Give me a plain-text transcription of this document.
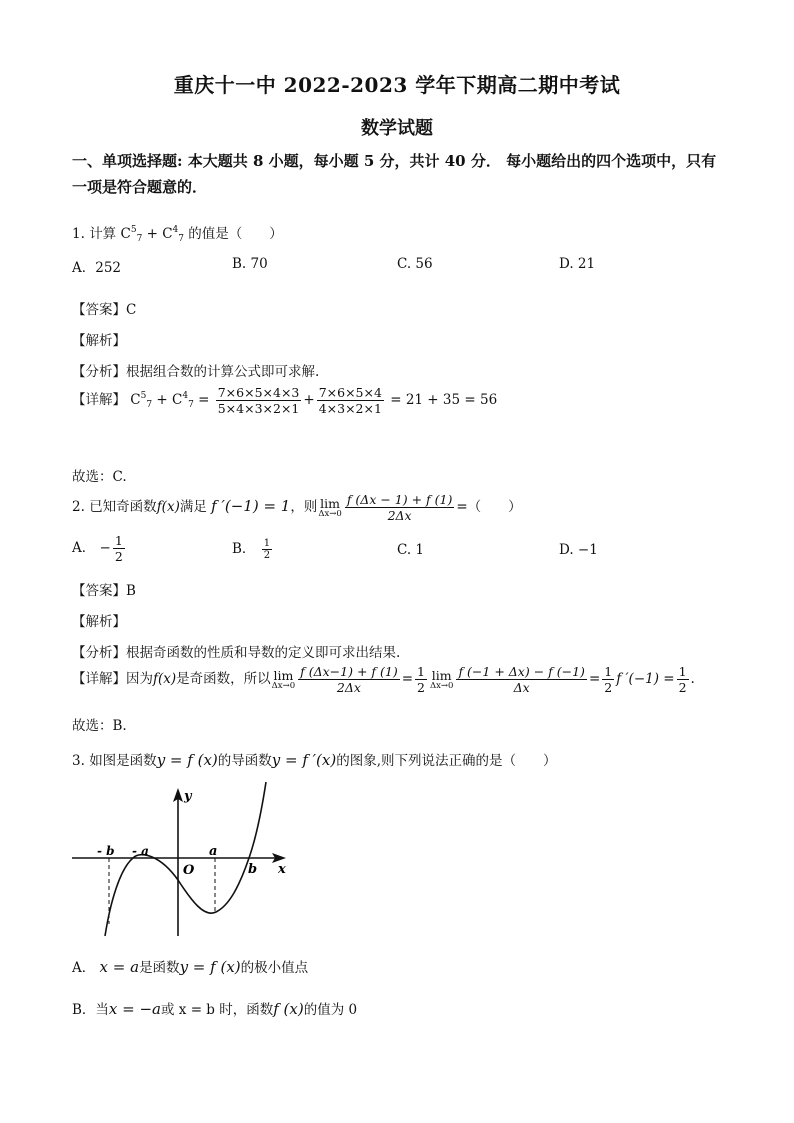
重庆十一中 2022-2023 学年下期高二期中考试
数学试题
一、单项选择题: 本大题共 8 小题，每小题 5 分，共计 40 分． 每小题给出的四个选项中，只有一项是符合题意的．
1. 计算 $C^5_7 + C^4_7$ 的值是（　　）
A．252	B. 70	C. 56	D. 21
【答案】C
【解析】
【分析】根据组合数的计算公式即可求解.
【详解】 $C^5_7 + C^4_7 = \frac{7\times 6\times 5\times 4\times 3}{5\times 4\times 3\times 2\times 1} + \frac{7\times 6\times 5\times 4}{4\times 3\times 2\times 1} = 21 + 35 = 56$
故选：C.
2. 已知奇函数f(x)满足 f ′(−1) = 1，则 lim
$\Delta x\to 0 \frac{f (\Delta x - 1) + f (1)}{2\Delta x}$ =（　　）
A． − $\frac{1}{2}$	B． $\frac{1}{2}$	C. 1	D. −1
【答案】B
【解析】
【分析】根据奇函数的性质和导数的定义即可求出结果.
【详解】因为f(x)是奇函数，所以 lim
$\Delta x\to 0 \frac{f (\Delta x-1) + f (1)}{2\Delta x} = \frac{1}{2}$ lim
$\Delta x\to 0 \frac{f (-1 + \Delta x) - f (-1)}{\Delta x} = \frac{1}{2}$ f $'(-1) = \frac{1}{2}$ .
故选：B.
3. 如图是函数y = f (x)的导函数y = f ′(x)的图象,则下列说法正确的是（　　）
y
x
O
- b - a	a
b
A． x = a是函数y = f (x)的极小值点
B．当x = −a或 x = b 时，函数f (x)的值为 0
